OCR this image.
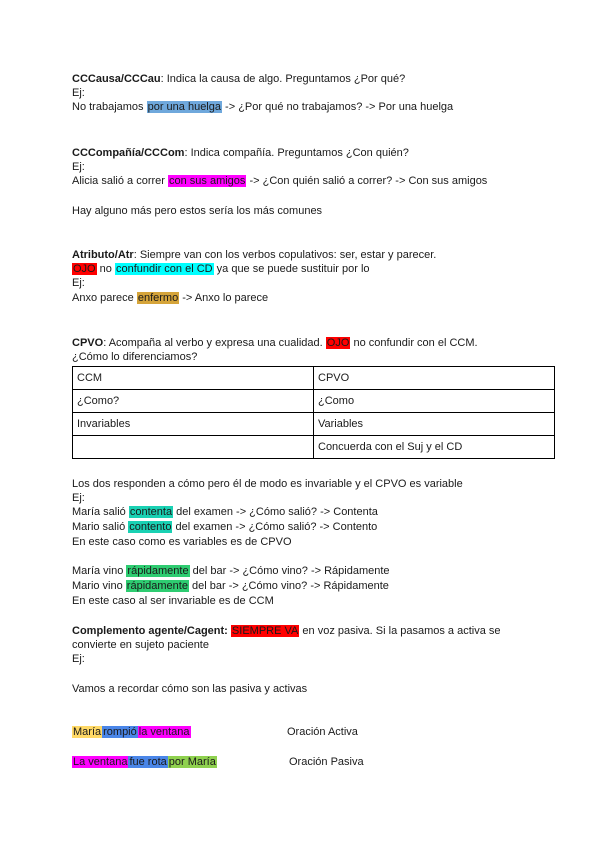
CCCausa/CCCau: Indica la causa de algo. Preguntamos ¿Por qué?
Ej:
No trabajamos por una huelga -> ¿Por qué no trabajamos? -> Por una huelga
CCCompañía/CCCom: Indica compañía. Preguntamos ¿Con quién?
Ej:
Alicia salió a correr con sus amigos -> ¿Con quién salió a correr? -> Con sus amigos
Hay alguno más pero estos sería los más comunes
Atributo/Atr: Siempre van con los verbos copulativos: ser, estar y parecer.
OJO no confundir con el CD ya que se puede sustituir por lo
Ej:
Anxo parece enfermo -> Anxo lo parece
CPVO: Acompaña al verbo y expresa una cualidad. OJO no confundir con el CCM.
¿Cómo lo diferenciamos?
CCM	CPVO
¿Como?	¿Como
Invariables	Variables
	Concuerda con el Suj y el CD
Los dos responden a cómo pero él de modo es invariable y el CPVO es variable
Ej:
María salió contenta del examen -> ¿Cómo salió? -> Contenta
Mario salió contento del examen -> ¿Cómo salió? -> Contento
En este caso como es variables es de CPVO
María vino rápidamente del bar -> ¿Cómo vino? -> Rápidamente
Mario vino rápidamente del bar -> ¿Cómo vino? -> Rápidamente
En este caso al ser invariable es de CCM
Complemento agente/Cagent: SIEMPRE VA en voz pasiva. Si la pasamos a activa se
convierte en sujeto paciente
Ej:
Vamos a recordar cómo son las pasiva y activas
María rompió la ventana	Oración Activa
La ventana fue rota por María	Oración Pasiva
